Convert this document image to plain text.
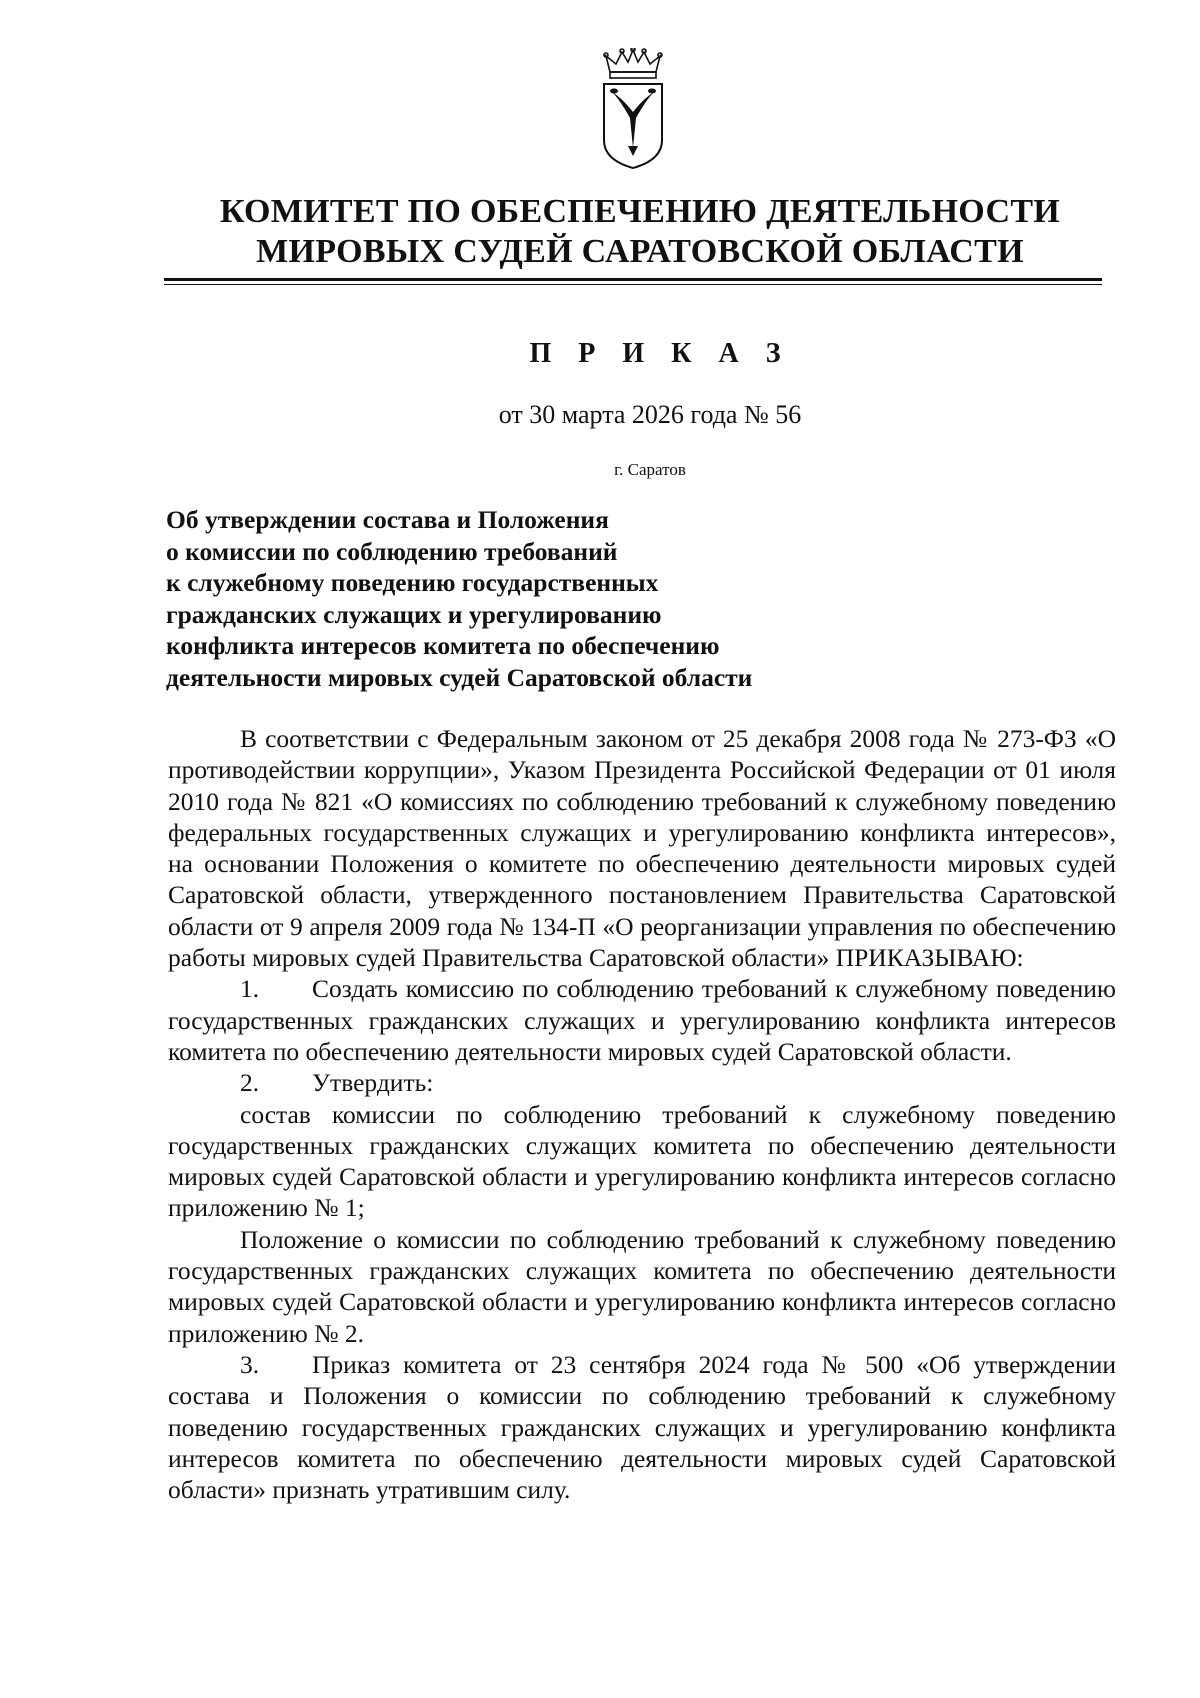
КОМИТЕТ ПО ОБЕСПЕЧЕНИЮ ДЕЯТЕЛЬНОСТИ
МИРОВЫХ СУДЕЙ САРАТОВСКОЙ ОБЛАСТИ
П Р И К А З
от 30 марта 2026 года № 56
г. Саратов
Об утверждении состава и Положения
о комиссии по соблюдению требований
к служебному поведению государственных
гражданских служащих и урегулированию
конфликта интересов комитета по обеспечению
деятельности мировых судей Саратовской области

В соответствии с Федеральным законом от 25 декабря 2008 года № 273-ФЗ «О противодействии коррупции», Указом Президента Российской Федерации от 01 июля 2010 года № 821 «О комиссиях по соблюдению требований к служебному поведению федеральных государственных служащих и урегулированию конфликта интересов», на основании Положения о комитете по обеспечению деятельности мировых судей Саратовской области, утвержденного постановлением Правительства Саратовской области от 9 апреля 2009 года № 134-П «О реорганизации управления по обеспечению работы мировых судей Правительства Саратовской области» ПРИКАЗЫВАЮ:

1. Создать комиссию по соблюдению требований к служебному поведению государственных гражданских служащих и урегулированию конфликта интересов комитета по обеспечению деятельности мировых судей Саратовской области.

2. Утвердить:

состав комиссии по соблюдению требований к служебному поведению государственных гражданских служащих комитета по обеспечению деятельности мировых судей Саратовской области и урегулированию конфликта интересов согласно приложению № 1;

Положение о комиссии по соблюдению требований к служебному поведению государственных гражданских служащих комитета по обеспечению деятельности мировых судей Саратовской области и урегулированию конфликта интересов согласно приложению № 2.

3. Приказ комитета от 23 сентября 2024 года № 500 «Об утверждении состава и Положения о комиссии по соблюдению требований к служебному поведению государственных гражданских служащих и урегулированию конфликта интересов комитета по обеспечению деятельности мировых судей Саратовской области» признать утратившим силу.
